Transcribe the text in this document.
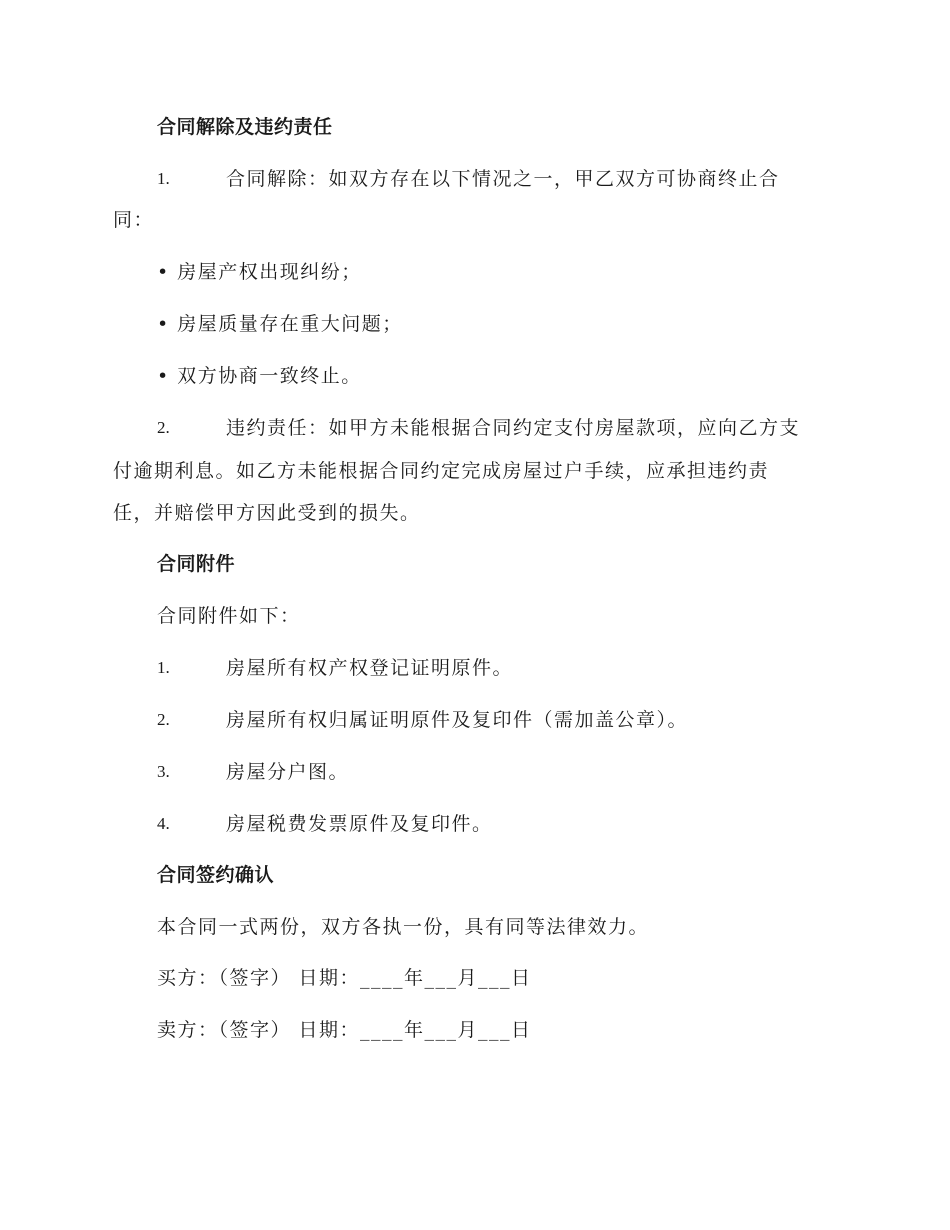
合同解除及违约责任
1.	合同解除：如双方存在以下情况之一，甲乙双方可协商终止合
同：
• 房屋产权出现纠纷；
• 房屋质量存在重大问题；
• 双方协商一致终止。
2.	违约责任：如甲方未能根据合同约定支付房屋款项，应向乙方支
付逾期利息。如乙方未能根据合同约定完成房屋过户手续，应承担违约责
任，并赔偿甲方因此受到的损失。
合同附件
合同附件如下：
1.	房屋所有权产权登记证明原件。
2.	房屋所有权归属证明原件及复印件（需加盖公章）。
3.	房屋分户图。
4.	房屋税费发票原件及复印件。
合同签约确认
本合同一式两份，双方各执一份，具有同等法律效力。
买方：（签字） 日期：____年___月___日
卖方：（签字） 日期：____年___月___日
